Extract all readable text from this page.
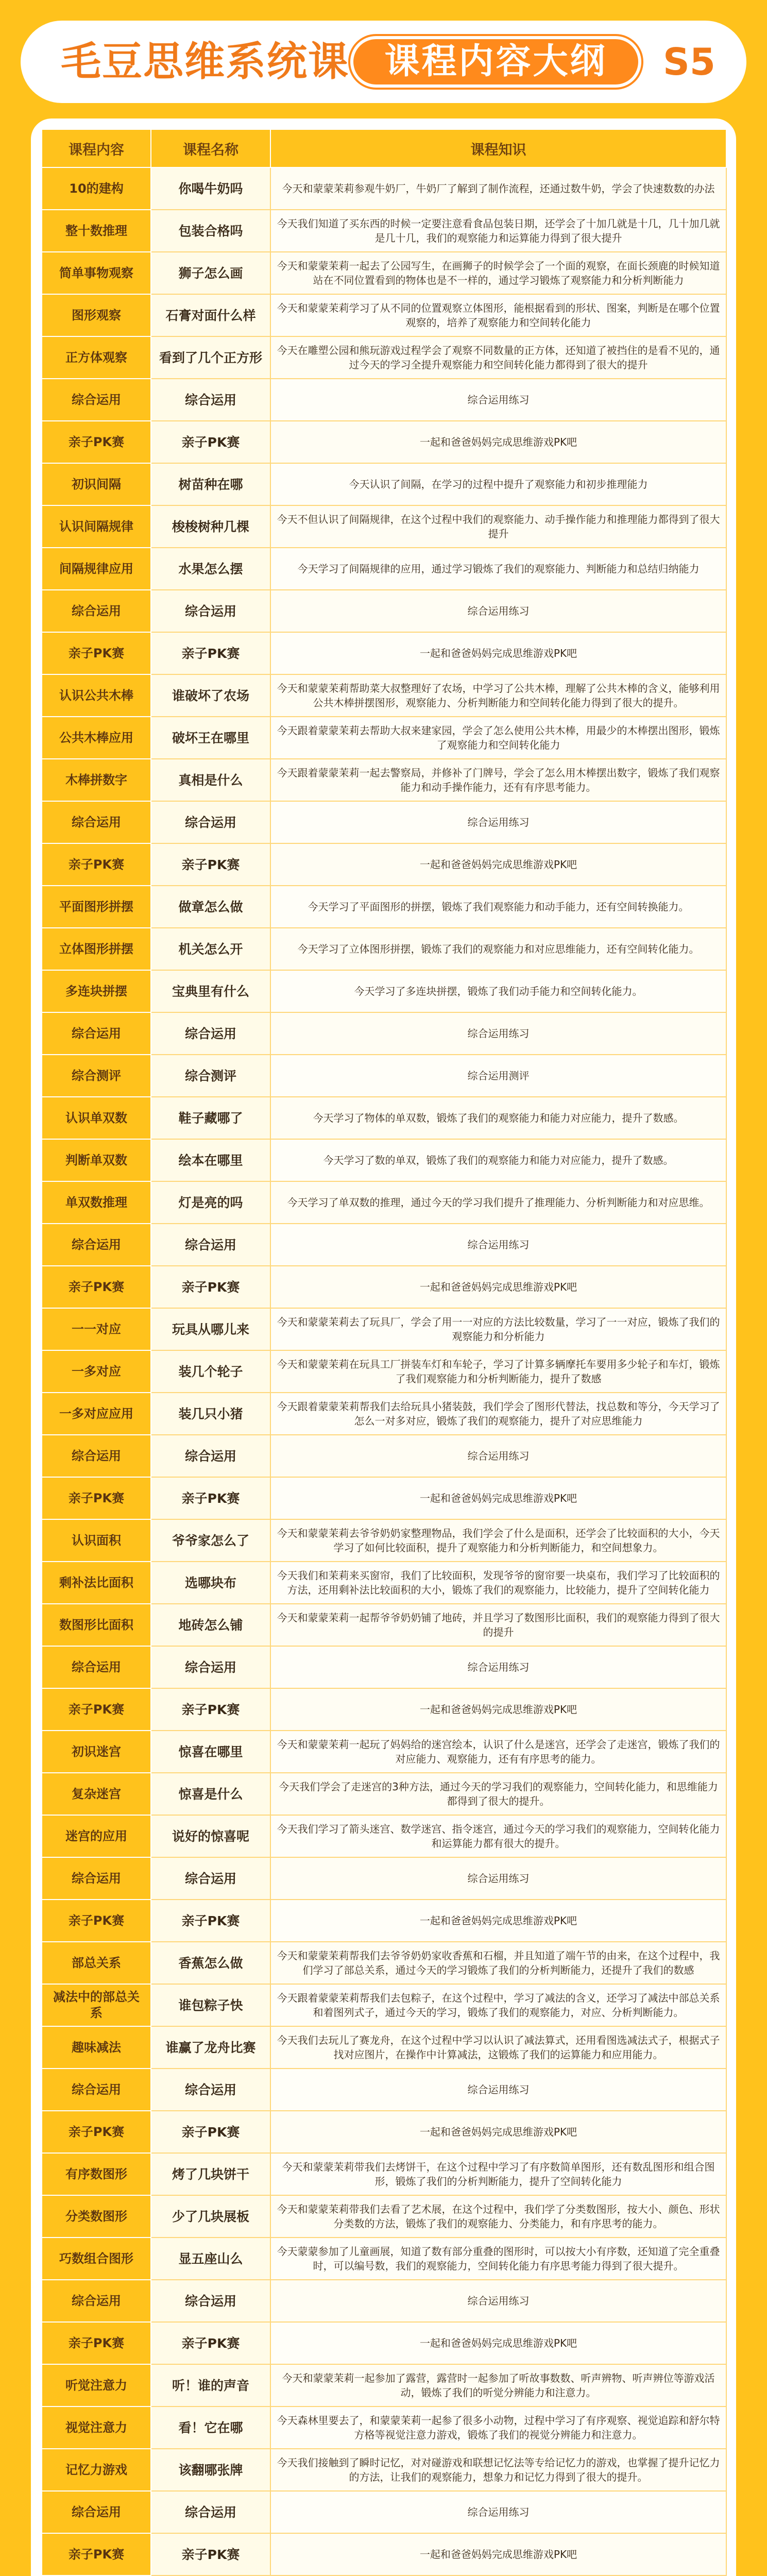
毛豆思维系统课	课程内容大纲	S5
课程内容	课程名称	课程知识
10的建构	你喝牛奶吗	今天和蒙蒙茉莉参观牛奶厂，牛奶厂了解到了制作流程，还通过数牛奶，学会了快速数数的办法
整十数推理	包装合格吗	今天我们知道了买东西的时候一定要注意看食品包装日期，还学会了十加几就是十几，几十加几就是几十几，我们的观察能力和运算能力得到了很大提升
简单事物观察	狮子怎么画	今天和蒙蒙茉莉一起去了公园写生，在画狮子的时候学会了一个面的观察，在面长颈鹿的时候知道站在不同位置看到的物体也是不一样的，通过学习锻炼了观察能力和分析判断能力
图形观察	石膏对面什么样	今天和蒙蒙茉莉学习了从不同的位置观察立体图形，能根据看到的形状、图案，判断是在哪个位置观察的，培养了观察能力和空间转化能力
正方体观察	看到了几个正方形	今天在雕塑公园和熊玩游戏过程学会了观察不同数量的正方体，还知道了被挡住的是看不见的，通过今天的学习全提升观察能力和空间转化能力都得到了很大的提升
综合运用	综合运用	综合运用练习
亲子PK赛	亲子PK赛	一起和爸爸妈妈完成思维游戏PK吧
初识间隔	树苗种在哪	今天认识了间隔，在学习的过程中提升了观察能力和初步推理能力
认识间隔规律	梭梭树种几棵	今天不但认识了间隔规律，在这个过程中我们的观察能力、动手操作能力和推理能力都得到了很大提升
间隔规律应用	水果怎么摆	今天学习了间隔规律的应用，通过学习锻炼了我们的观察能力、判断能力和总结归纳能力
综合运用	综合运用	综合运用练习
亲子PK赛	亲子PK赛	一起和爸爸妈妈完成思维游戏PK吧
认识公共木棒	谁破坏了农场	今天和蒙蒙茉莉帮助菜大叔整理好了农场，中学习了公共木棒，理解了公共木棒的含义，能够利用公共木棒拼摆图形，观察能力、分析判断能力和空间转化能力得到了很大的提升。
公共木棒应用	破坏王在哪里	今天跟着蒙蒙茉莉去帮助大叔来建家园，学会了怎么使用公共木棒，用最少的木棒摆出图形，锻炼了观察能力和空间转化能力
木棒拼数字	真相是什么	今天跟着蒙蒙茉莉一起去警察局，并修补了门牌号，学会了怎么用木棒摆出数字，锻炼了我们观察能力和动手操作能力，还有有序思考能力。
综合运用	综合运用	综合运用练习
亲子PK赛	亲子PK赛	一起和爸爸妈妈完成思维游戏PK吧
平面图形拼摆	做章怎么做	今天学习了平面图形的拼摆，锻炼了我们观察能力和动手能力，还有空间转换能力。
立体图形拼摆	机关怎么开	今天学习了立体图形拼摆，锻炼了我们的观察能力和对应思维能力，还有空间转化能力。
多连块拼摆	宝典里有什么	今天学习了多连块拼摆，锻炼了我们动手能力和空间转化能力。
综合运用	综合运用	综合运用练习
综合测评	综合测评	综合运用测评
认识单双数	鞋子藏哪了	今天学习了物体的单双数，锻炼了我们的观察能力和能力对应能力，提升了数感。
判断单双数	绘本在哪里	今天学习了数的单双，锻炼了我们的观察能力和能力对应能力，提升了数感。
单双数推理	灯是亮的吗	今天学习了单双数的推理，通过今天的学习我们提升了推理能力、分析判断能力和对应思维。
综合运用	综合运用	综合运用练习
亲子PK赛	亲子PK赛	一起和爸爸妈妈完成思维游戏PK吧
一一对应	玩具从哪儿来	今天和蒙蒙茉莉去了玩具厂，学会了用一一对应的方法比较数量，学习了一一对应，锻炼了我们的观察能力和分析能力
一多对应	装几个轮子	今天和蒙蒙茉莉在玩具工厂拼装车灯和车轮子，学习了计算多辆摩托车要用多少轮子和车灯，锻炼了我们观察能力和分析判断能力，提升了数感
一多对应应用	装几只小猪	今天跟着蒙蒙茉莉帮我们去给玩具小猪装鼓，我们学会了图形代替法，找总数和等分，今天学习了怎么一对多对应，锻炼了我们的观察能力，提升了对应思维能力
综合运用	综合运用	综合运用练习
亲子PK赛	亲子PK赛	一起和爸爸妈妈完成思维游戏PK吧
认识面积	爷爷家怎么了	今天和蒙蒙茉莉去爷爷奶奶家整理物品，我们学会了什么是面积，还学会了比较面积的大小，今天学习了如何比较面积，提升了观察能力和分析判断能力，和空间想象力。
剩补法比面积	选哪块布	今天我们和茉莉来买窗帘，我们了比较面积，发现爷爷的窗帘要一块桌布，我们学习了比较面积的方法，还用剩补法比较面积的大小，锻炼了我们的观察能力，比较能力，提升了空间转化能力
数图形比面积	地砖怎么铺	今天和蒙蒙茉莉一起帮爷爷奶奶铺了地砖，并且学习了数图形比面积，我们的观察能力得到了很大的提升
综合运用	综合运用	综合运用练习
亲子PK赛	亲子PK赛	一起和爸爸妈妈完成思维游戏PK吧
初识迷宫	惊喜在哪里	今天和蒙蒙茉莉一起玩了妈妈给的迷宫绘本，认识了什么是迷宫，还学会了走迷宫，锻炼了我们的对应能力、观察能力，还有有序思考的能力。
复杂迷宫	惊喜是什么	今天我们学会了走迷宫的3种方法，通过今天的学习我们的观察能力，空间转化能力，和思维能力都得到了很大的提升。
迷宫的应用	说好的惊喜呢	今天我们学习了箭头迷宫、数学迷宫、指令迷宫，通过今天的学习我们的观察能力，空间转化能力和运算能力都有很大的提升。
综合运用	综合运用	综合运用练习
亲子PK赛	亲子PK赛	一起和爸爸妈妈完成思维游戏PK吧
部总关系	香蕉怎么做	今天和蒙蒙茉莉帮我们去爷爷奶奶家收香蕉和石榴，并且知道了端午节的由来，在这个过程中，我们学习了部总关系，通过今天的学习锻炼了我们的分析判断能力，还提升了我们的数感
减法中的部总关系	谁包粽子快	今天跟着蒙蒙茉莉帮我们去包粽子，在这个过程中，学习了减法的含义，还学习了减法中部总关系和着图列式子，通过今天的学习，锻炼了我们的观察能力，对应、分析判断能力。
趣味减法	谁赢了龙舟比赛	今天我们去玩儿了赛龙舟，在这个过程中学习以认识了减法算式，还用看图选减法式子，根据式子找对应图片，在操作中计算减法，这锻炼了我们的运算能力和应用能力。
综合运用	综合运用	综合运用练习
亲子PK赛	亲子PK赛	一起和爸爸妈妈完成思维游戏PK吧
有序数图形	烤了几块饼干	今天和蒙蒙茉莉带我们去烤饼干，在这个过程中学习了有序数简单图形，还有数乱图形和组合图形，锻炼了我们的分析判断能力，提升了空间转化能力
分类数图形	少了几块展板	今天和蒙蒙茉莉带我们去看了艺术展，在这个过程中，我们学了分类数图形，按大小、颜色、形状分类数的方法，锻炼了我们的观察能力、分类能力，和有序思考的能力。
巧数组合图形	显五座山么	今天蒙蒙参加了儿童画展，知道了数有部分重叠的图形时，可以按大小有序数，还知道了完全重叠时，可以编号数，我们的观察能力，空间转化能力有序思考能力得到了很大提升。
综合运用	综合运用	综合运用练习
亲子PK赛	亲子PK赛	一起和爸爸妈妈完成思维游戏PK吧
听觉注意力	听！谁的声音	今天和蒙蒙茉莉一起参加了露营，露营时一起参加了听故事数数、听声辨物、听声辨位等游戏活动，锻炼了我们的听觉分辨能力和注意力。
视觉注意力	看！它在哪	今天森林里要去了，和蒙蒙茉莉一起参了很多小动物，过程中学习了有序观察、视觉追踪和舒尔特方格等视觉注意力游戏，锻炼了我们的视觉分辨能力和注意力。
记忆力游戏	该翻哪张牌	今天我们接触到了瞬时记忆，对对碰游戏和联想记忆法等专给记忆力的游戏，也掌握了提升记忆力的方法，让我们的观察能力，想象力和记忆力得到了很大的提升。
综合运用	综合运用	综合运用练习
亲子PK赛	亲子PK赛	一起和爸爸妈妈完成思维游戏PK吧
